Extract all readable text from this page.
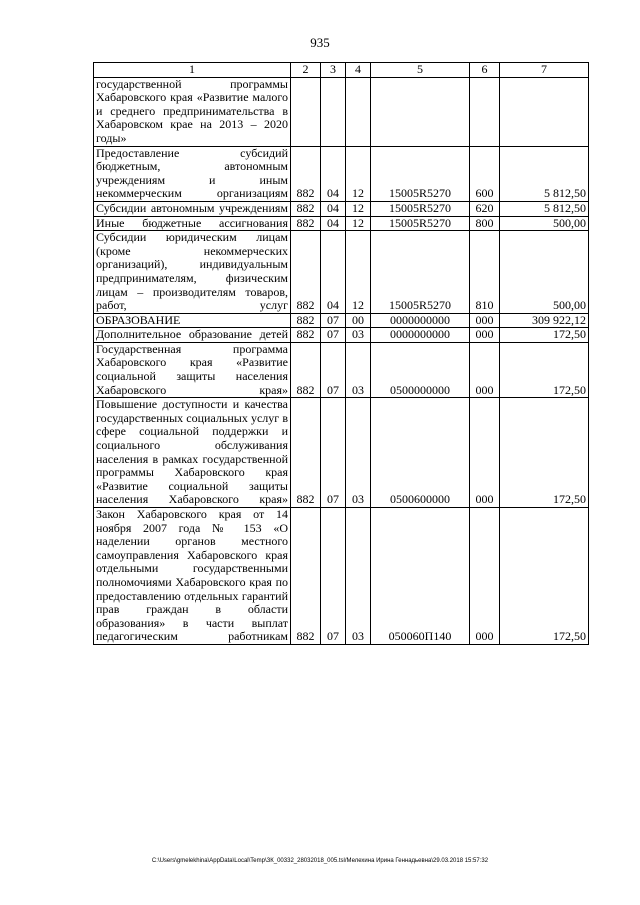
935
1	2	3	4	5	6	7
государственной программы Хабаровского края «Развитие малого и среднего предпринимательства в Хабаровском крае на 2013 – 2020 годы»						
Предоставление субсидий бюджетным, автономным учреждениям и иным некоммерческим организациям	882	04	12	15005R5270	600	5 812,50
Субсидии автономным учреждениям	882	04	12	15005R5270	620	5 812,50
Иные бюджетные ассигнования	882	04	12	15005R5270	800	500,00
Субсидии юридическим лицам (кроме некоммерческих организаций), индивидуальным предпринимателям, физическим лицам – производителям товаров, работ, услуг	882	04	12	15005R5270	810	500,00
ОБРАЗОВАНИЕ	882	07	00	0000000000	000	309 922,12
Дополнительное образование детей	882	07	03	0000000000	000	172,50
Государственная программа Хабаровского края «Развитие социальной защиты населения Хабаровского края»	882	07	03	0500000000	000	172,50
Повышение доступности и качества государственных социальных услуг в сфере социальной поддержки и социального обслуживания населения в рамках государственной программы Хабаровского края «Развитие социальной защиты населения Хабаровского края»	882	07	03	0500600000	000	172,50
Закон Хабаровского края от 14 ноября 2007 года № 153 «О наделении органов местного самоуправления Хабаровского края отдельными государственными полномочиями Хабаровского края по предоставлению отдельных гарантий прав граждан в области образования» в части выплат педагогическим работникам	882	07	03	050060П140	000	172,50
C:\Users\gmelekhina\AppData\Local\Temp\ЗК_00332_28032018_005.tsl/Мелехина Ирина Геннадьевна\29.03.2018 15:57:32
